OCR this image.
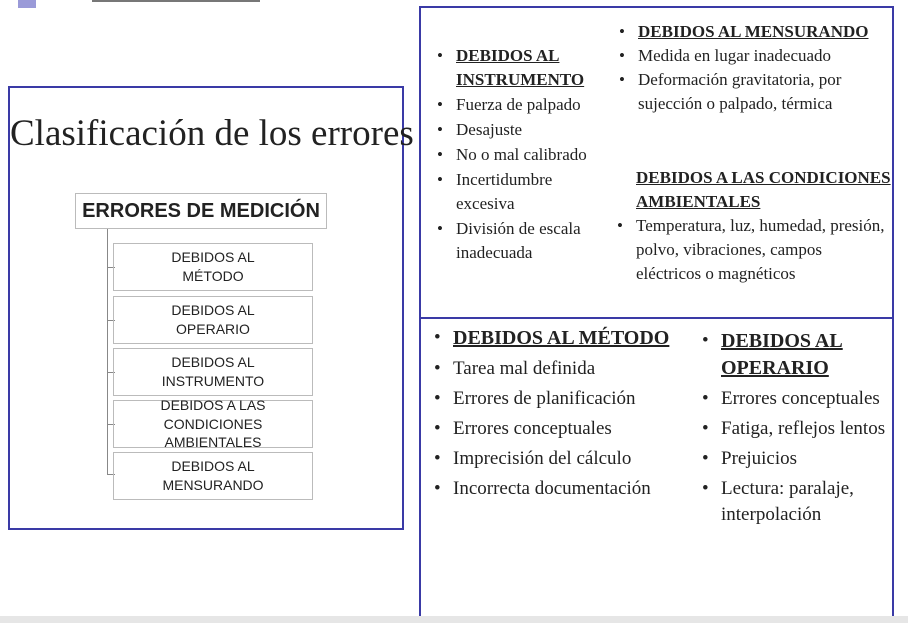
Clasificación de los errores
ERRORES DE MEDICIÓN
DEBIDOS AL
MÉTODO
DEBIDOS AL
OPERARIO
DEBIDOS AL
INSTRUMENTO
DEBIDOS A LAS
CONDICIONES AMBIENTALES
DEBIDOS AL
MENSURANDO
• DEBIDOS AL INSTRUMENTO
• Fuerza de palpado
• Desajuste
• No o mal calibrado
• Incertidumbre excesiva
• División de escala inadecuada
• DEBIDOS AL MENSURANDO
• Medida en lugar inadecuado
• Deformación gravitatoria, por sujección o palpado, térmica
DEBIDOS A LAS CONDICIONES AMBIENTALES
• Temperatura, luz, humedad, presión, polvo, vibraciones, campos eléctricos o magnéticos
• DEBIDOS AL MÉTODO
• Tarea mal definida
• Errores de planificación
• Errores conceptuales
• Imprecisión del cálculo
• Incorrecta documentación
• DEBIDOS AL OPERARIO
• Errores conceptuales
• Fatiga, reflejos lentos
• Prejuicios
• Lectura: paralaje, interpolación
